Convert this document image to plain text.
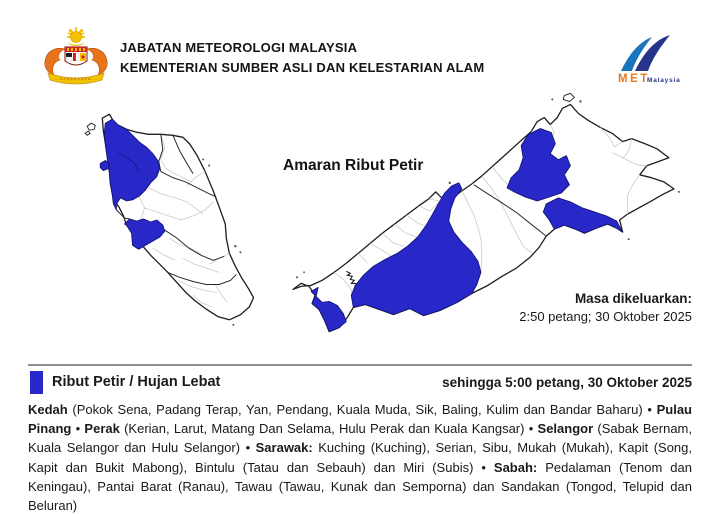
JABATAN METEOROLOGI MALAYSIA
KEMENTERIAN SUMBER ASLI DAN KELESTARIAN ALAM
MET
Malaysia
Amaran Ribut Petir
Masa dikeluarkan:
2:50 petang; 30 Oktober 2025
Ribut Petir / Hujan Lebat	sehingga 5:00 petang, 30 Oktober 2025
Kedah (Pokok Sena, Padang Terap, Yan, Pendang, Kuala Muda, Sik, Baling, Kulim dan Bandar Baharu) • Pulau Pinang • Perak (Kerian, Larut, Matang Dan Selama, Hulu Perak dan Kuala Kangsar) • Selangor (Sabak Bernam, Kuala Selangor dan Hulu Selangor) • Sarawak: Kuching (Kuching), Serian, Sibu, Mukah (Mukah), Kapit (Song, Kapit dan Bukit Mabong), Bintulu (Tatau dan Sebauh) dan Miri (Subis) • Sabah: Pedalaman (Tenom dan Keningau), Pantai Barat (Ranau), Tawau (Tawau, Kunak dan Semporna) dan Sandakan (Tongod, Telupid dan Beluran)
